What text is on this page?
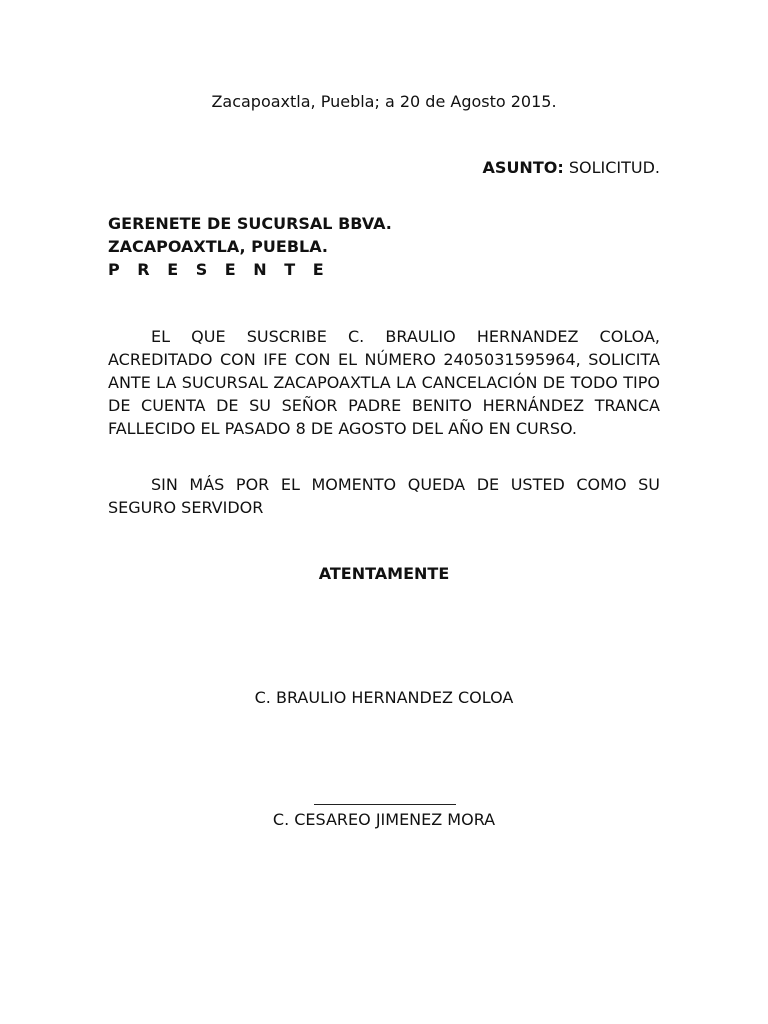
Zacapoaxtla, Puebla; a 20 de Agosto 2015.
ASUNTO: SOLICITUD.
GERENETE DE SUCURSAL BBVA.
ZACAPOAXTLA, PUEBLA.
P R E S E N T E
EL QUE SUSCRIBE C. BRAULIO HERNANDEZ COLOA, ACREDITADO CON IFE CON EL NÚMERO 2405031595964, SOLICITA ANTE LA SUCURSAL ZACAPOAXTLA LA CANCELACIÓN DE TODO TIPO DE CUENTA DE SU SEÑOR PADRE BENITO HERNÁNDEZ TRANCA FALLECIDO EL PASADO 8 DE AGOSTO DEL AÑO EN CURSO.
SIN MÁS POR EL MOMENTO QUEDA DE USTED COMO SU SEGURO SERVIDOR
ATENTAMENTE
C. BRAULIO HERNANDEZ COLOA
C. CESAREO JIMENEZ MORA
